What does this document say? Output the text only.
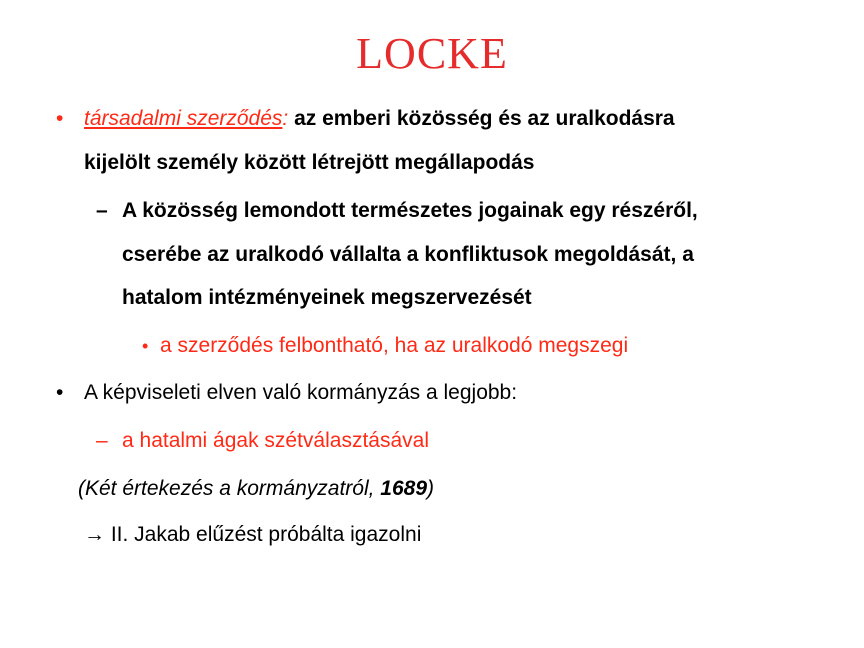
LOCKE
• társadalmi szerződés: az emberi közösség és az uralkodásra
kijelölt személy között létrejött megállapodás
– A közösség lemondott természetes jogainak egy részéről,
cserébe az uralkodó vállalta a konfliktusok megoldását, a
hatalom intézményeinek megszervezését
• a szerződés felbontható, ha az uralkodó megszegi
• A képviseleti elven való kormányzás a legjobb:
– a hatalmi ágak szétválasztásával
(Két értekezés a kormányzatról, 1689)
→ II. Jakab elűzést próbálta igazolni
